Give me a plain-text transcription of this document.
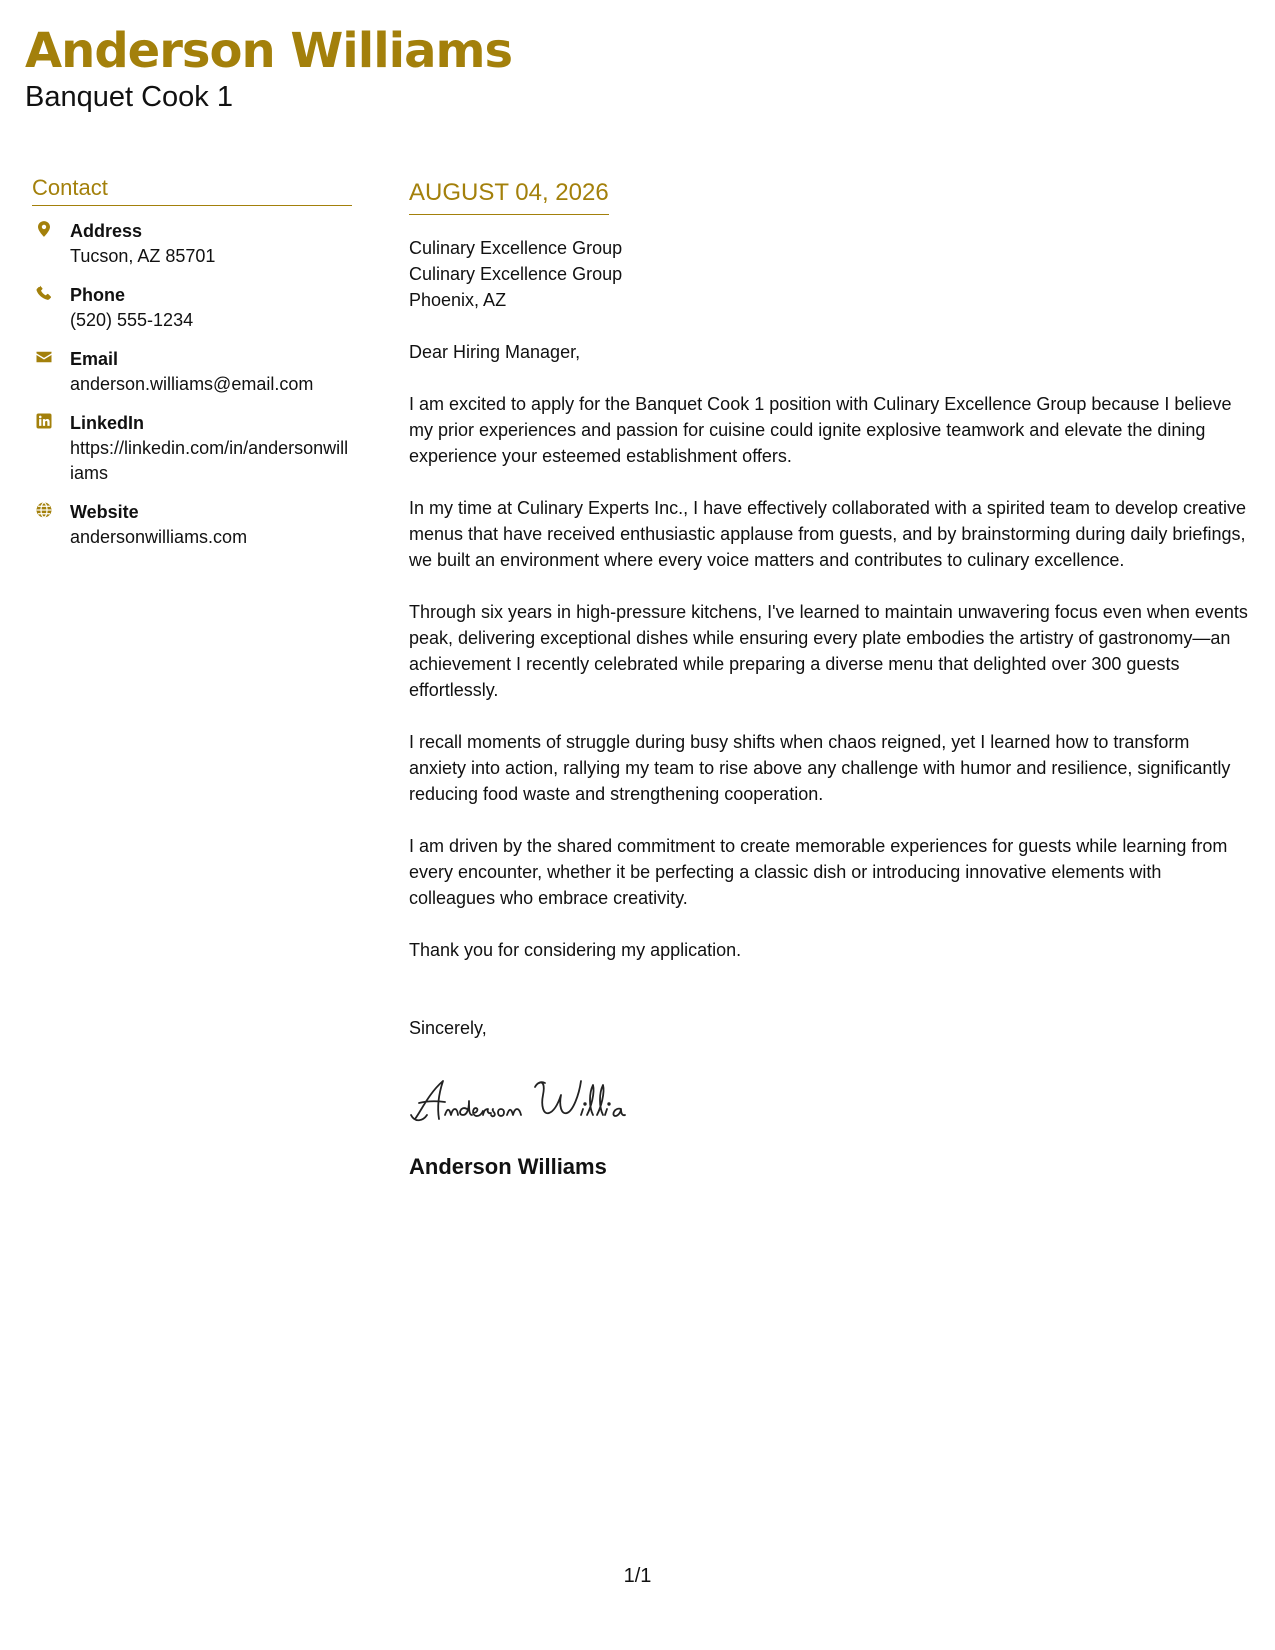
Anderson Williams
Banquet Cook 1
Contact
Address
Tucson, AZ 85701
Phone
(520) 555-1234
Email
anderson.williams@email.com
LinkedIn
https://linkedin.com/in/andersonwilliams
Website
andersonwilliams.com
AUGUST 04, 2026
Culinary Excellence Group
Culinary Excellence Group
Phoenix, AZ
Dear Hiring Manager,
I am excited to apply for the Banquet Cook 1 position with Culinary Excellence Group because I believe my prior experiences and passion for cuisine could ignite explosive teamwork and elevate the dining experience your esteemed establishment offers.
In my time at Culinary Experts Inc., I have effectively collaborated with a spirited team to develop creative menus that have received enthusiastic applause from guests, and by brainstorming during daily briefings, we built an environment where every voice matters and contributes to culinary excellence.
Through six years in high-pressure kitchens, I've learned to maintain unwavering focus even when events peak, delivering exceptional dishes while ensuring every plate embodies the artistry of gastronomy—an achievement I recently celebrated while preparing a diverse menu that delighted over 300 guests effortlessly.
I recall moments of struggle during busy shifts when chaos reigned, yet I learned how to transform anxiety into action, rallying my team to rise above any challenge with humor and resilience, significantly reducing food waste and strengthening cooperation.
I am driven by the shared commitment to create memorable experiences for guests while learning from every encounter, whether it be perfecting a classic dish or introducing innovative elements with colleagues who embrace creativity.
Thank you for considering my application.
Sincerely,
Anderson Williams
1/1
